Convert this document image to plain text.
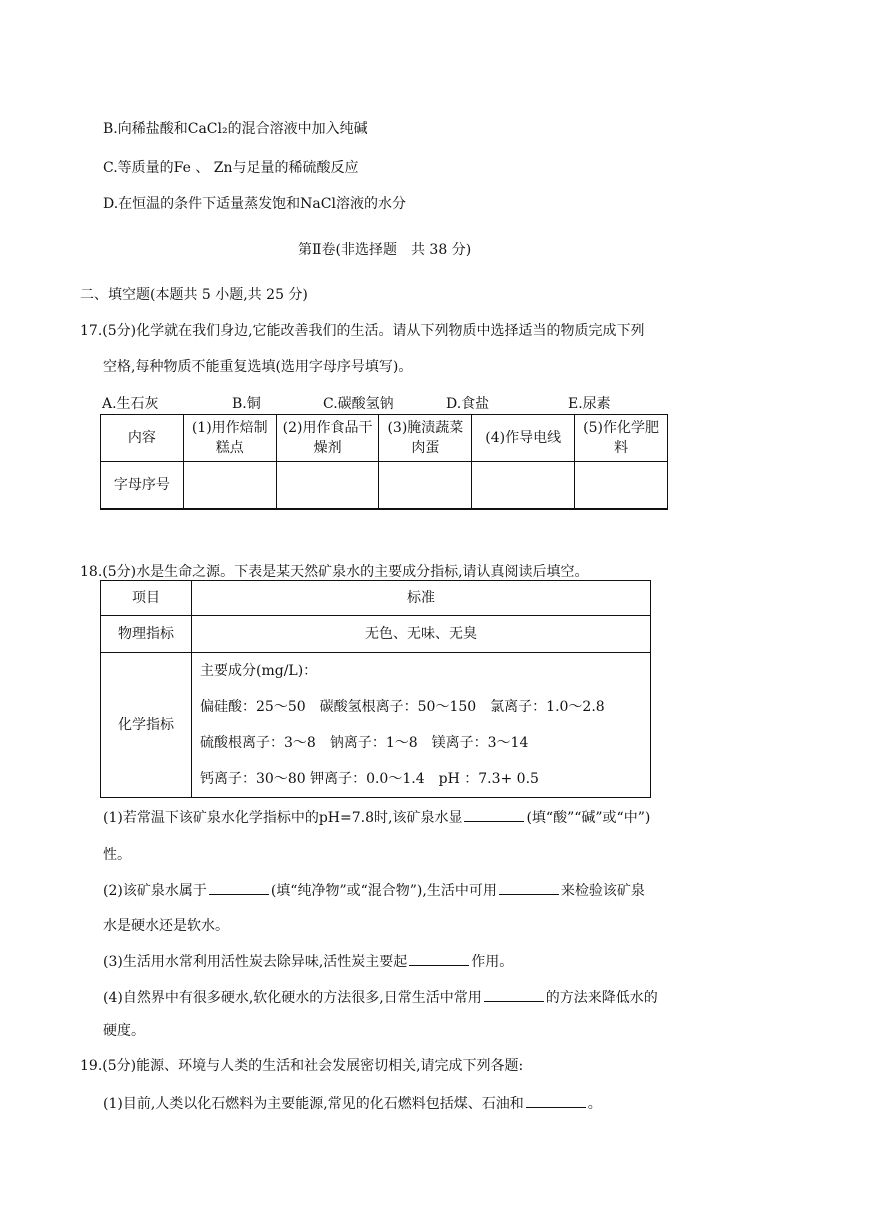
B.向稀盐酸和CaCl₂的混合溶液中加入纯碱
C.等质量的Fe 、 Zn与足量的稀硫酸反应
D.在恒温的条件下适量蒸发饱和NaCl溶液的水分
第Ⅱ卷(非选择题　共 38 分)
二、填空题(本题共 5 小题,共 25 分)
17.(5分)化学就在我们身边,它能改善我们的生活。请从下列物质中选择适当的物质完成下列
空格,每种物质不能重复选填(选用字母序号填写)。
A.生石灰	B.铜	C.碳酸氢钠	D.食盐	E.尿素
内容	(1)用作焙制糕点	(2)用作食品干燥剂	(3)腌渍蔬菜肉蛋	(4)作导电线	(5)作化学肥料
字母序号					
18.(5分)水是生命之源。下表是某天然矿泉水的主要成分指标,请认真阅读后填空。
项目	标准
物理指标	无色、无味、无臭
化学指标	主要成分(mg/L)：
偏硅酸：25～50　碳酸氢根离子：50～150　氯离子：1.0～2.8
硫酸根离子：3～8　钠离子：1～8　镁离子：3～14
钙离子：30～80 钾离子：0.0～1.4　pH ：7.3+ 0.5
(1)若常温下该矿泉水化学指标中的pH=7.8时,该矿泉水显	(填“酸”“碱”或“中”)
性。
(2)该矿泉水属于	(填“纯净物”或“混合物”),生活中可用	来检验该矿泉
水是硬水还是软水。
(3)生活用水常利用活性炭去除异味,活性炭主要起	作用。
(4)自然界中有很多硬水,软化硬水的方法很多,日常生活中常用	的方法来降低水的
硬度。
19.(5分)能源、环境与人类的生活和社会发展密切相关,请完成下列各题:
(1)目前,人类以化石燃料为主要能源,常见的化石燃料包括煤、石油和	。
